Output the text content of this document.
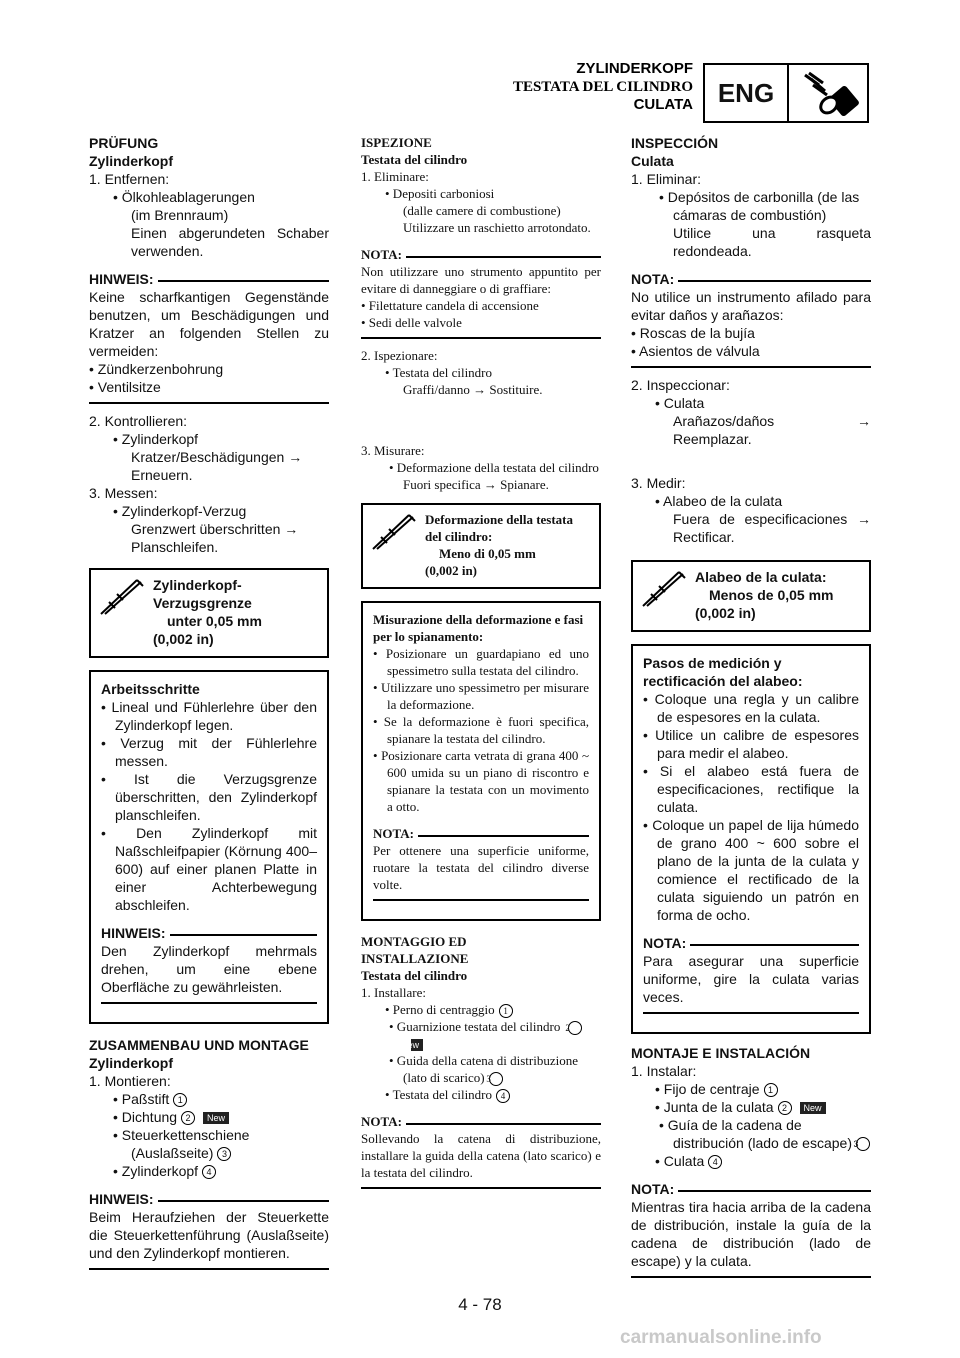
ZYLINDERKOPF
TESTATA DEL CILINDRO
CULATA ENG
PRÜFUNG
Zylinderkopf
1. Entfernen:
• Ölkohleablagerungen
(im Brennraum)
Einen abgerundeten Schaber verwenden.
HINWEIS:
Keine scharfkantigen Gegenstände benutzen, um Beschädigungen und Kratzer an folgenden Stellen zu vermeiden:
• Zündkerzenbohrung
• Ventilsitze
2. Kontrollieren:
• Zylinderkopf
Kratzer/Beschädigungen →
Erneuern.
3. Messen:
• Zylinderkopf-Verzug
Grenzwert überschritten →
Planschleifen.
Zylinderkopf-
Verzugsgrenze
unter 0,05 mm
(0,002 in)
Arbeitsschritte
• Lineal und Fühlerlehre über den Zylinderkopf legen.
• Verzug mit der Fühlerlehre messen.
• Ist die Verzugsgrenze überschritten, den Zylinderkopf planschleifen.
• Den Zylinderkopf mit Naßschleifpapier (Körnung 400–600) auf einer planen Platte in einer Achterbewegung abschleifen.
HINWEIS:
Den Zylinderkopf mehrmals drehen, um eine ebene Oberfläche zu gewährleisten.
ZUSAMMENBAU UND MONTAGE
Zylinderkopf
1. Montieren:
• Paßstift 1
• Dichtung 2 New
• Steuerkettenschiene
(Auslaßseite) 3
• Zylinderkopf 4
HINWEIS:
Beim Heraufziehen der Steuerkette die Steuerkettenführung (Auslaßseite) und den Zylinderkopf montieren.
ISPEZIONE
Testata del cilindro
1. Eliminare:
• Depositi carboniosi
(dalle camere di combustione)
Utilizzare un raschietto arrotondato.
NOTA:
Non utilizzare uno strumento appuntito per evitare di danneggiare o di graffiare:
• Filettature candela di accensione
• Sedi delle valvole
2. Ispezionare:
• Testata del cilindro
Graffi/danno → Sostituire.
3. Misurare:
• Deformazione della testata del cilindro
Fuori specifica → Spianare.
Deformazione della testata
del cilindro:
Meno di 0,05 mm
(0,002 in)
Misurazione della deformazione e fasi per lo spianamento:
• Posizionare un guardapiano ed uno spessimetro sulla testata del cilindro.
• Utilizzare uno spessimetro per misurare la deformazione.
• Se la deformazione è fuori specifica, spianare la testata del cilindro.
• Posizionare carta vetrata di grana 400 ~ 600 umida su un piano di riscontro e spianare la testata con un movimento a otto.
NOTA:
Per ottenere una superficie uniforme, ruotare la testata del cilindro diverse volte.
MONTAGGIO ED INSTALLAZIONE
Testata del cilindro
1. Installare:
• Perno di centraggio 1
• Guarnizione testata del cilindro 2New
• Guida della catena di distribuzione (lato di scarico) 3
• Testata del cilindro 4
NOTA:
Sollevando la catena di distribuzione, installare la guida della catena (lato scarico) e la testata del cilindro.
INSPECCIÓN
Culata
1. Eliminar:
• Depósitos de carbonilla (de las cámaras de combustión)
Utilice una rasqueta redondeada.
NOTA:
No utilice un instrumento afilado para evitar daños y arañazos:
• Roscas de la bujía
• Asientos de válvula
2. Inspeccionar:
• Culata
Arañazos/daños → Reemplazar.
3. Medir:
• Alabeo de la culata
Fuera de especificaciones → Rectificar.
Alabeo de la culata:
Menos de 0,05 mm
(0,002 in)
Pasos de medición y rectificación del alabeo:
• Coloque una regla y un calibre de espesores en la culata.
• Utilice un calibre de espesores para medir el alabeo.
• Si el alabeo está fuera de especificaciones, rectifique la culata.
• Coloque un papel de lija húmedo de grano 400 ~ 600 sobre el plano de la junta de la culata y comience el rectificado de la culata siguiendo un patrón en forma de ocho.
NOTA:
Para asegurar una superficie uniforme, gire la culata varias veces.
MONTAJE E INSTALACIÓN
1. Instalar:
• Fijo de centraje 1
• Junta de la culata 2 New
• Guía de la cadena de distribución (lado de escape)3
• Culata 4
NOTA:
Mientras tira hacia arriba de la cadena de distribución, instale la guía de la cadena de distribución (lado de escape) y la culata.
4 - 78
carmanualsonline.info
